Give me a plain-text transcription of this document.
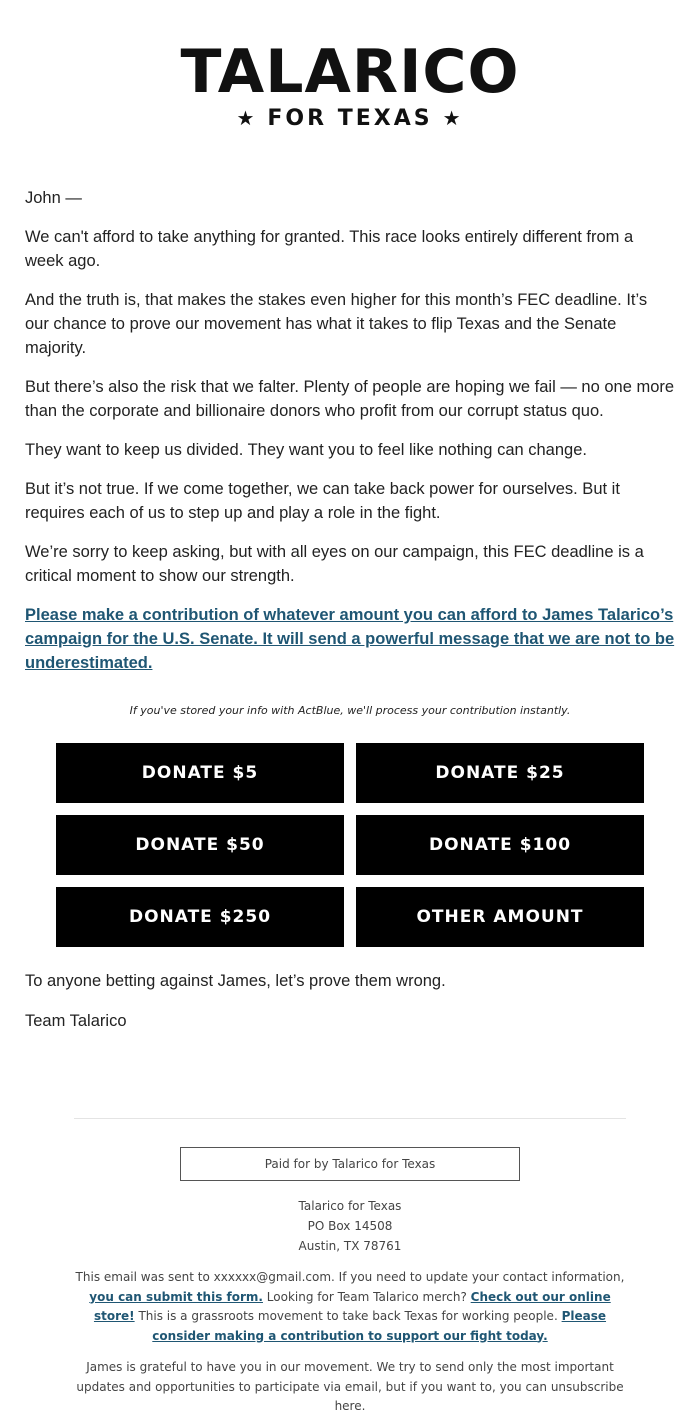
TALARICO
★ FOR TEXAS ★

John —

We can't afford to take anything for granted. This race looks entirely different from a week ago.

And the truth is, that makes the stakes even higher for this month’s FEC deadline. It’s our chance to prove our movement has what it takes to flip Texas and the Senate majority.

But there’s also the risk that we falter. Plenty of people are hoping we fail — no one more than the corporate and billionaire donors who profit from our corrupt status quo.

They want to keep us divided. They want you to feel like nothing can change.

But it’s not true. If we come together, we can take back power for ourselves. But it requires each of us to step up and play a role in the fight.

We’re sorry to keep asking, but with all eyes on our campaign, this FEC deadline is a critical moment to show our strength.

Please make a contribution of whatever amount you can afford to James Talarico’s campaign for the U.S. Senate. It will send a powerful message that we are not to be underestimated.
If you've stored your info with ActBlue, we'll process your contribution instantly.
DONATE $5	DONATE $25
DONATE $50	DONATE $100
DONATE $250	OTHER AMOUNT

To anyone betting against James, let’s prove them wrong.

Team Talarico

Paid for by Talarico for Texas
Talarico for Texas
PO Box 14508
Austin, TX 78761
This email was sent to xxxxxx@gmail.com. If you need to update your contact information, you can submit this form. Looking for Team Talarico merch? Check out our online store! This is a grassroots movement to take back Texas for working people. Please consider making a contribution to support our fight today.
James is grateful to have you in our movement. We try to send only the most important updates and opportunities to participate via email, but if you want to, you can unsubscribe here.
